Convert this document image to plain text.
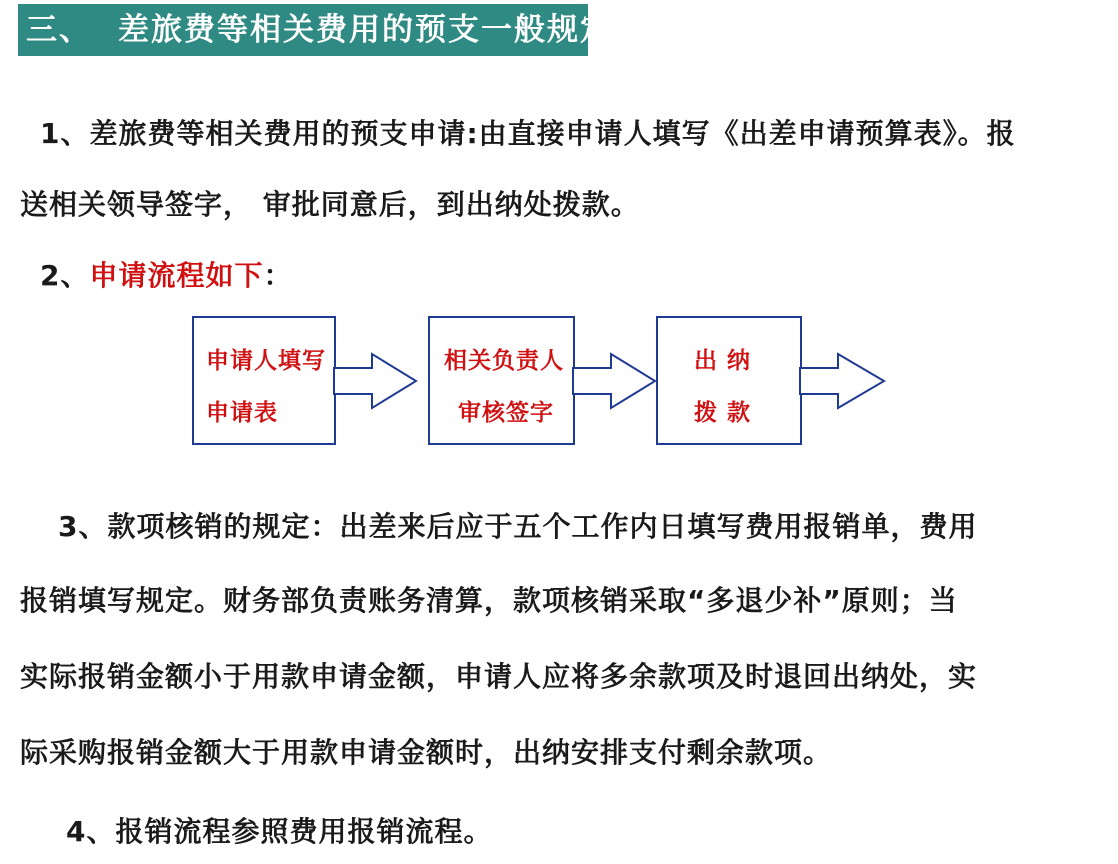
三、 差旅费等相关费用的预支一般规定
1、差旅费等相关费用的预支申请:由直接申请人填写《出差申请预算表》。报
送相关领导签字， 审批同意后，到出纳处拨款。
2、申请流程如下：
申请人填写
申请表
相关负责人
审核签字
出 纳
拨 款
3、款项核销的规定：出差来后应于五个工作内日填写费用报销单，费用
报销填写规定。财务部负责账务清算，款项核销采取“多退少补”原则；当
实际报销金额小于用款申请金额，申请人应将多余款项及时退回出纳处，实
际采购报销金额大于用款申请金额时，出纳安排支付剩余款项。
4、报销流程参照费用报销流程。
